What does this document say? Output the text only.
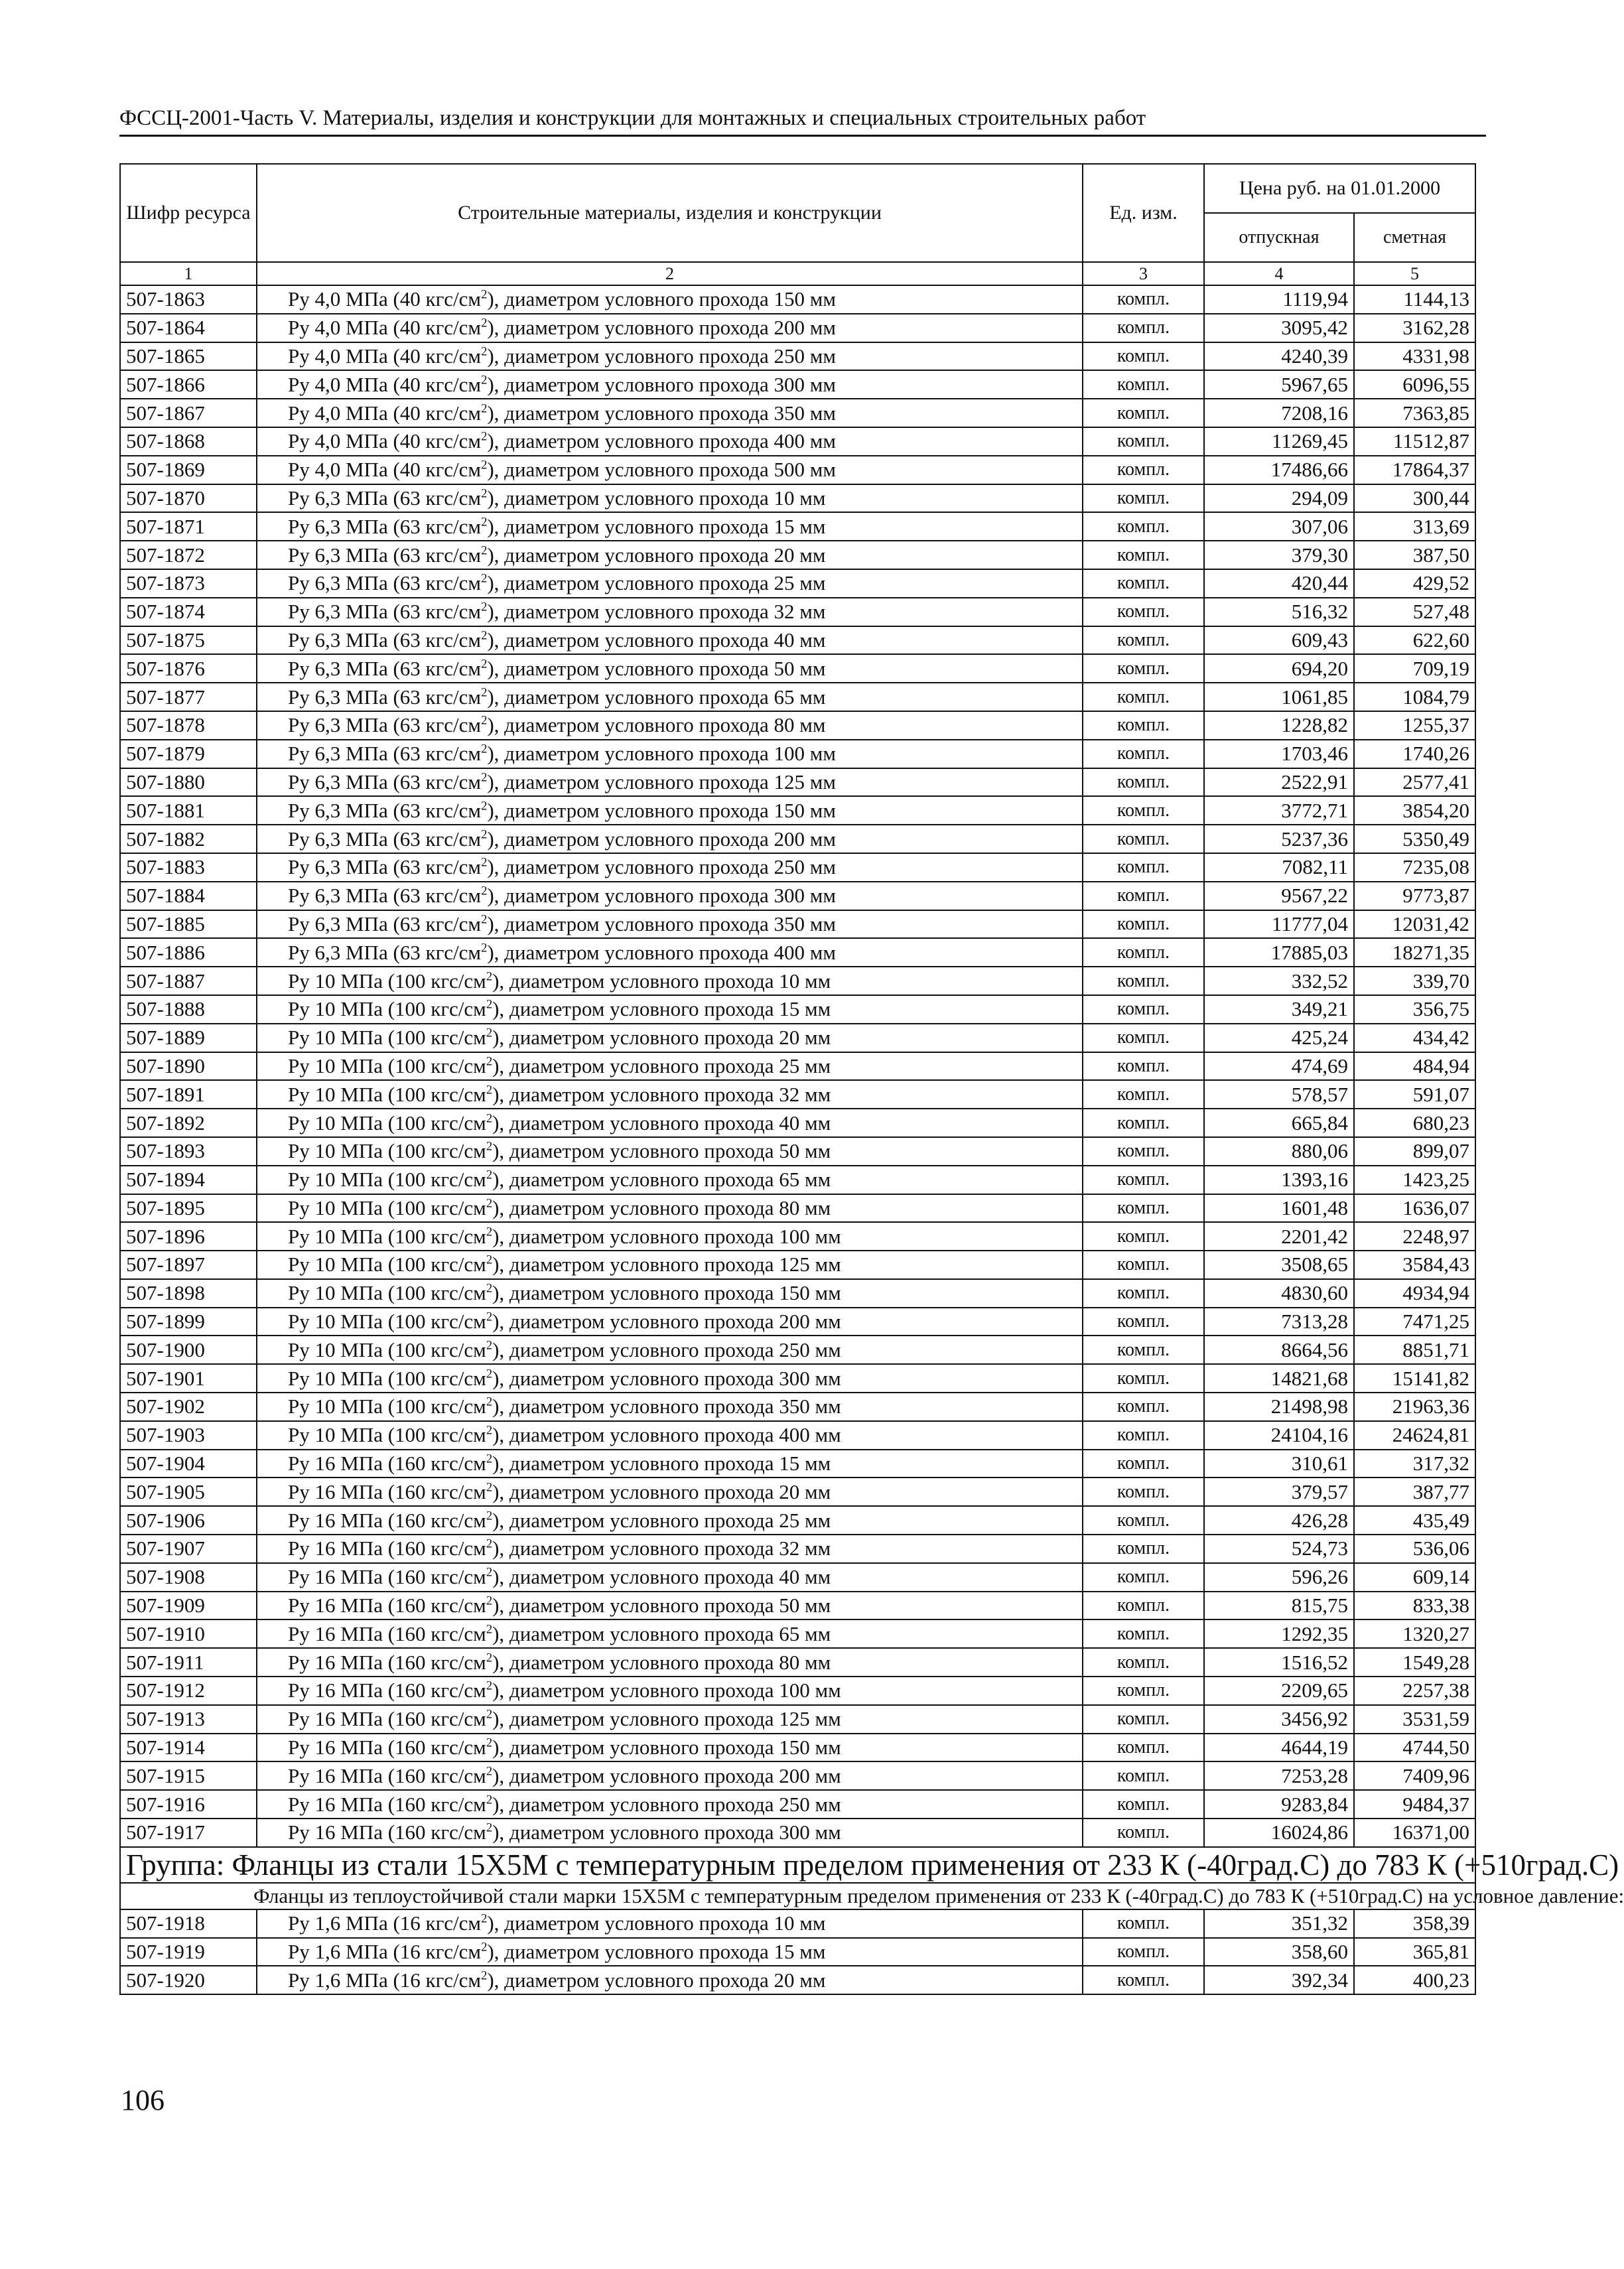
ФССЦ-2001-Часть V. Материалы, изделия и конструкции для монтажных и специальных строительных работ
Шифр ресурса	Строительные материалы, изделия и конструкции	Ед. изм.	Цена руб. на 01.01.2000	
			отпускная	сметная
1	2	3	4	5
507-1863	Ру 4,0 МПа (40 кгс/$см^2$), диаметром условного прохода 150 мм	компл.	1119,94	1144,13
507-1864	Ру 4,0 МПа (40 кгс/$см^2$), диаметром условного прохода 200 мм	компл.	3095,42	3162,28
507-1865	Ру 4,0 МПа (40 кгс/$см^2$), диаметром условного прохода 250 мм	компл.	4240,39	4331,98
507-1866	Ру 4,0 МПа (40 кгс/$см^2$), диаметром условного прохода 300 мм	компл.	5967,65	6096,55
507-1867	Ру 4,0 МПа (40 кгс/$см^2$), диаметром условного прохода 350 мм	компл.	7208,16	7363,85
507-1868	Ру 4,0 МПа (40 кгс/$см^2$), диаметром условного прохода 400 мм	компл.	11269,45	11512,87
507-1869	Ру 4,0 МПа (40 кгс/$см^2$), диаметром условного прохода 500 мм	компл.	17486,66	17864,37
507-1870	Ру 6,3 МПа (63 кгс/$см^2$), диаметром условного прохода 10 мм	компл.	294,09	300,44
507-1871	Ру 6,3 МПа (63 кгс/$см^2$), диаметром условного прохода 15 мм	компл.	307,06	313,69
507-1872	Ру 6,3 МПа (63 кгс/$см^2$), диаметром условного прохода 20 мм	компл.	379,30	387,50
507-1873	Ру 6,3 МПа (63 кгс/$см^2$), диаметром условного прохода 25 мм	компл.	420,44	429,52
507-1874	Ру 6,3 МПа (63 кгс/$см^2$), диаметром условного прохода 32 мм	компл.	516,32	527,48
507-1875	Ру 6,3 МПа (63 кгс/$см^2$), диаметром условного прохода 40 мм	компл.	609,43	622,60
507-1876	Ру 6,3 МПа (63 кгс/$см^2$), диаметром условного прохода 50 мм	компл.	694,20	709,19
507-1877	Ру 6,3 МПа (63 кгс/$см^2$), диаметром условного прохода 65 мм	компл.	1061,85	1084,79
507-1878	Ру 6,3 МПа (63 кгс/$см^2$), диаметром условного прохода 80 мм	компл.	1228,82	1255,37
507-1879	Ру 6,3 МПа (63 кгс/$см^2$), диаметром условного прохода 100 мм	компл.	1703,46	1740,26
507-1880	Ру 6,3 МПа (63 кгс/$см^2$), диаметром условного прохода 125 мм	компл.	2522,91	2577,41
507-1881	Ру 6,3 МПа (63 кгс/$см^2$), диаметром условного прохода 150 мм	компл.	3772,71	3854,20
507-1882	Ру 6,3 МПа (63 кгс/$см^2$), диаметром условного прохода 200 мм	компл.	5237,36	5350,49
507-1883	Ру 6,3 МПа (63 кгс/$см^2$), диаметром условного прохода 250 мм	компл.	7082,11	7235,08
507-1884	Ру 6,3 МПа (63 кгс/$см^2$), диаметром условного прохода 300 мм	компл.	9567,22	9773,87
507-1885	Ру 6,3 МПа (63 кгс/$см^2$), диаметром условного прохода 350 мм	компл.	11777,04	12031,42
507-1886	Ру 6,3 МПа (63 кгс/$см^2$), диаметром условного прохода 400 мм	компл.	17885,03	18271,35
507-1887	Ру 10 МПа (100 кгс/$см^2$), диаметром условного прохода 10 мм	компл.	332,52	339,70
507-1888	Ру 10 МПа (100 кгс/$см^2$), диаметром условного прохода 15 мм	компл.	349,21	356,75
507-1889	Ру 10 МПа (100 кгс/$см^2$), диаметром условного прохода 20 мм	компл.	425,24	434,42
507-1890	Ру 10 МПа (100 кгс/$см^2$), диаметром условного прохода 25 мм	компл.	474,69	484,94
507-1891	Ру 10 МПа (100 кгс/$см^2$), диаметром условного прохода 32 мм	компл.	578,57	591,07
507-1892	Ру 10 МПа (100 кгс/$см^2$), диаметром условного прохода 40 мм	компл.	665,84	680,23
507-1893	Ру 10 МПа (100 кгс/$см^2$), диаметром условного прохода 50 мм	компл.	880,06	899,07
507-1894	Ру 10 МПа (100 кгс/$см^2$), диаметром условного прохода 65 мм	компл.	1393,16	1423,25
507-1895	Ру 10 МПа (100 кгс/$см^2$), диаметром условного прохода 80 мм	компл.	1601,48	1636,07
507-1896	Ру 10 МПа (100 кгс/$см^2$), диаметром условного прохода 100 мм	компл.	2201,42	2248,97
507-1897	Ру 10 МПа (100 кгс/$см^2$), диаметром условного прохода 125 мм	компл.	3508,65	3584,43
507-1898	Ру 10 МПа (100 кгс/$см^2$), диаметром условного прохода 150 мм	компл.	4830,60	4934,94
507-1899	Ру 10 МПа (100 кгс/$см^2$), диаметром условного прохода 200 мм	компл.	7313,28	7471,25
507-1900	Ру 10 МПа (100 кгс/$см^2$), диаметром условного прохода 250 мм	компл.	8664,56	8851,71
507-1901	Ру 10 МПа (100 кгс/$см^2$), диаметром условного прохода 300 мм	компл.	14821,68	15141,82
507-1902	Ру 10 МПа (100 кгс/$см^2$), диаметром условного прохода 350 мм	компл.	21498,98	21963,36
507-1903	Ру 10 МПа (100 кгс/$см^2$), диаметром условного прохода 400 мм	компл.	24104,16	24624,81
507-1904	Ру 16 МПа (160 кгс/$см^2$), диаметром условного прохода 15 мм	компл.	310,61	317,32
507-1905	Ру 16 МПа (160 кгс/$см^2$), диаметром условного прохода 20 мм	компл.	379,57	387,77
507-1906	Ру 16 МПа (160 кгс/$см^2$), диаметром условного прохода 25 мм	компл.	426,28	435,49
507-1907	Ру 16 МПа (160 кгс/$см^2$), диаметром условного прохода 32 мм	компл.	524,73	536,06
507-1908	Ру 16 МПа (160 кгс/$см^2$), диаметром условного прохода 40 мм	компл.	596,26	609,14
507-1909	Ру 16 МПа (160 кгс/$см^2$), диаметром условного прохода 50 мм	компл.	815,75	833,38
507-1910	Ру 16 МПа (160 кгс/$см^2$), диаметром условного прохода 65 мм	компл.	1292,35	1320,27
507-1911	Ру 16 МПа (160 кгс/$см^2$), диаметром условного прохода 80 мм	компл.	1516,52	1549,28
507-1912	Ру 16 МПа (160 кгс/$см^2$), диаметром условного прохода 100 мм	компл.	2209,65	2257,38
507-1913	Ру 16 МПа (160 кгс/$см^2$), диаметром условного прохода 125 мм	компл.	3456,92	3531,59
507-1914	Ру 16 МПа (160 кгс/$см^2$), диаметром условного прохода 150 мм	компл.	4644,19	4744,50
507-1915	Ру 16 МПа (160 кгс/$см^2$), диаметром условного прохода 200 мм	компл.	7253,28	7409,96
507-1916	Ру 16 МПа (160 кгс/$см^2$), диаметром условного прохода 250 мм	компл.	9283,84	9484,37
507-1917	Ру 16 МПа (160 кгс/$см^2$), диаметром условного прохода 300 мм	компл.	16024,86	16371,00
Группа: Фланцы из стали 15Х5М с температурным пределом применения от 233 К (-40град.С) до 783 К (+510град.С)				
Фланцы из теплоустойчивой стали марки 15Х5М с температурным пределом применения от 233 К (-40град.С) до 783 К (+510град.С) на условное давление:				
507-1918	Ру 1,6 МПа (16 кгс/$см^2$), диаметром условного прохода 10 мм	компл.	351,32	358,39
507-1919	Ру 1,6 МПа (16 кгс/$см^2$), диаметром условного прохода 15 мм	компл.	358,60	365,81
507-1920	Ру 1,6 МПа (16 кгс/$см^2$), диаметром условного прохода 20 мм	компл.	392,34	400,23
106
